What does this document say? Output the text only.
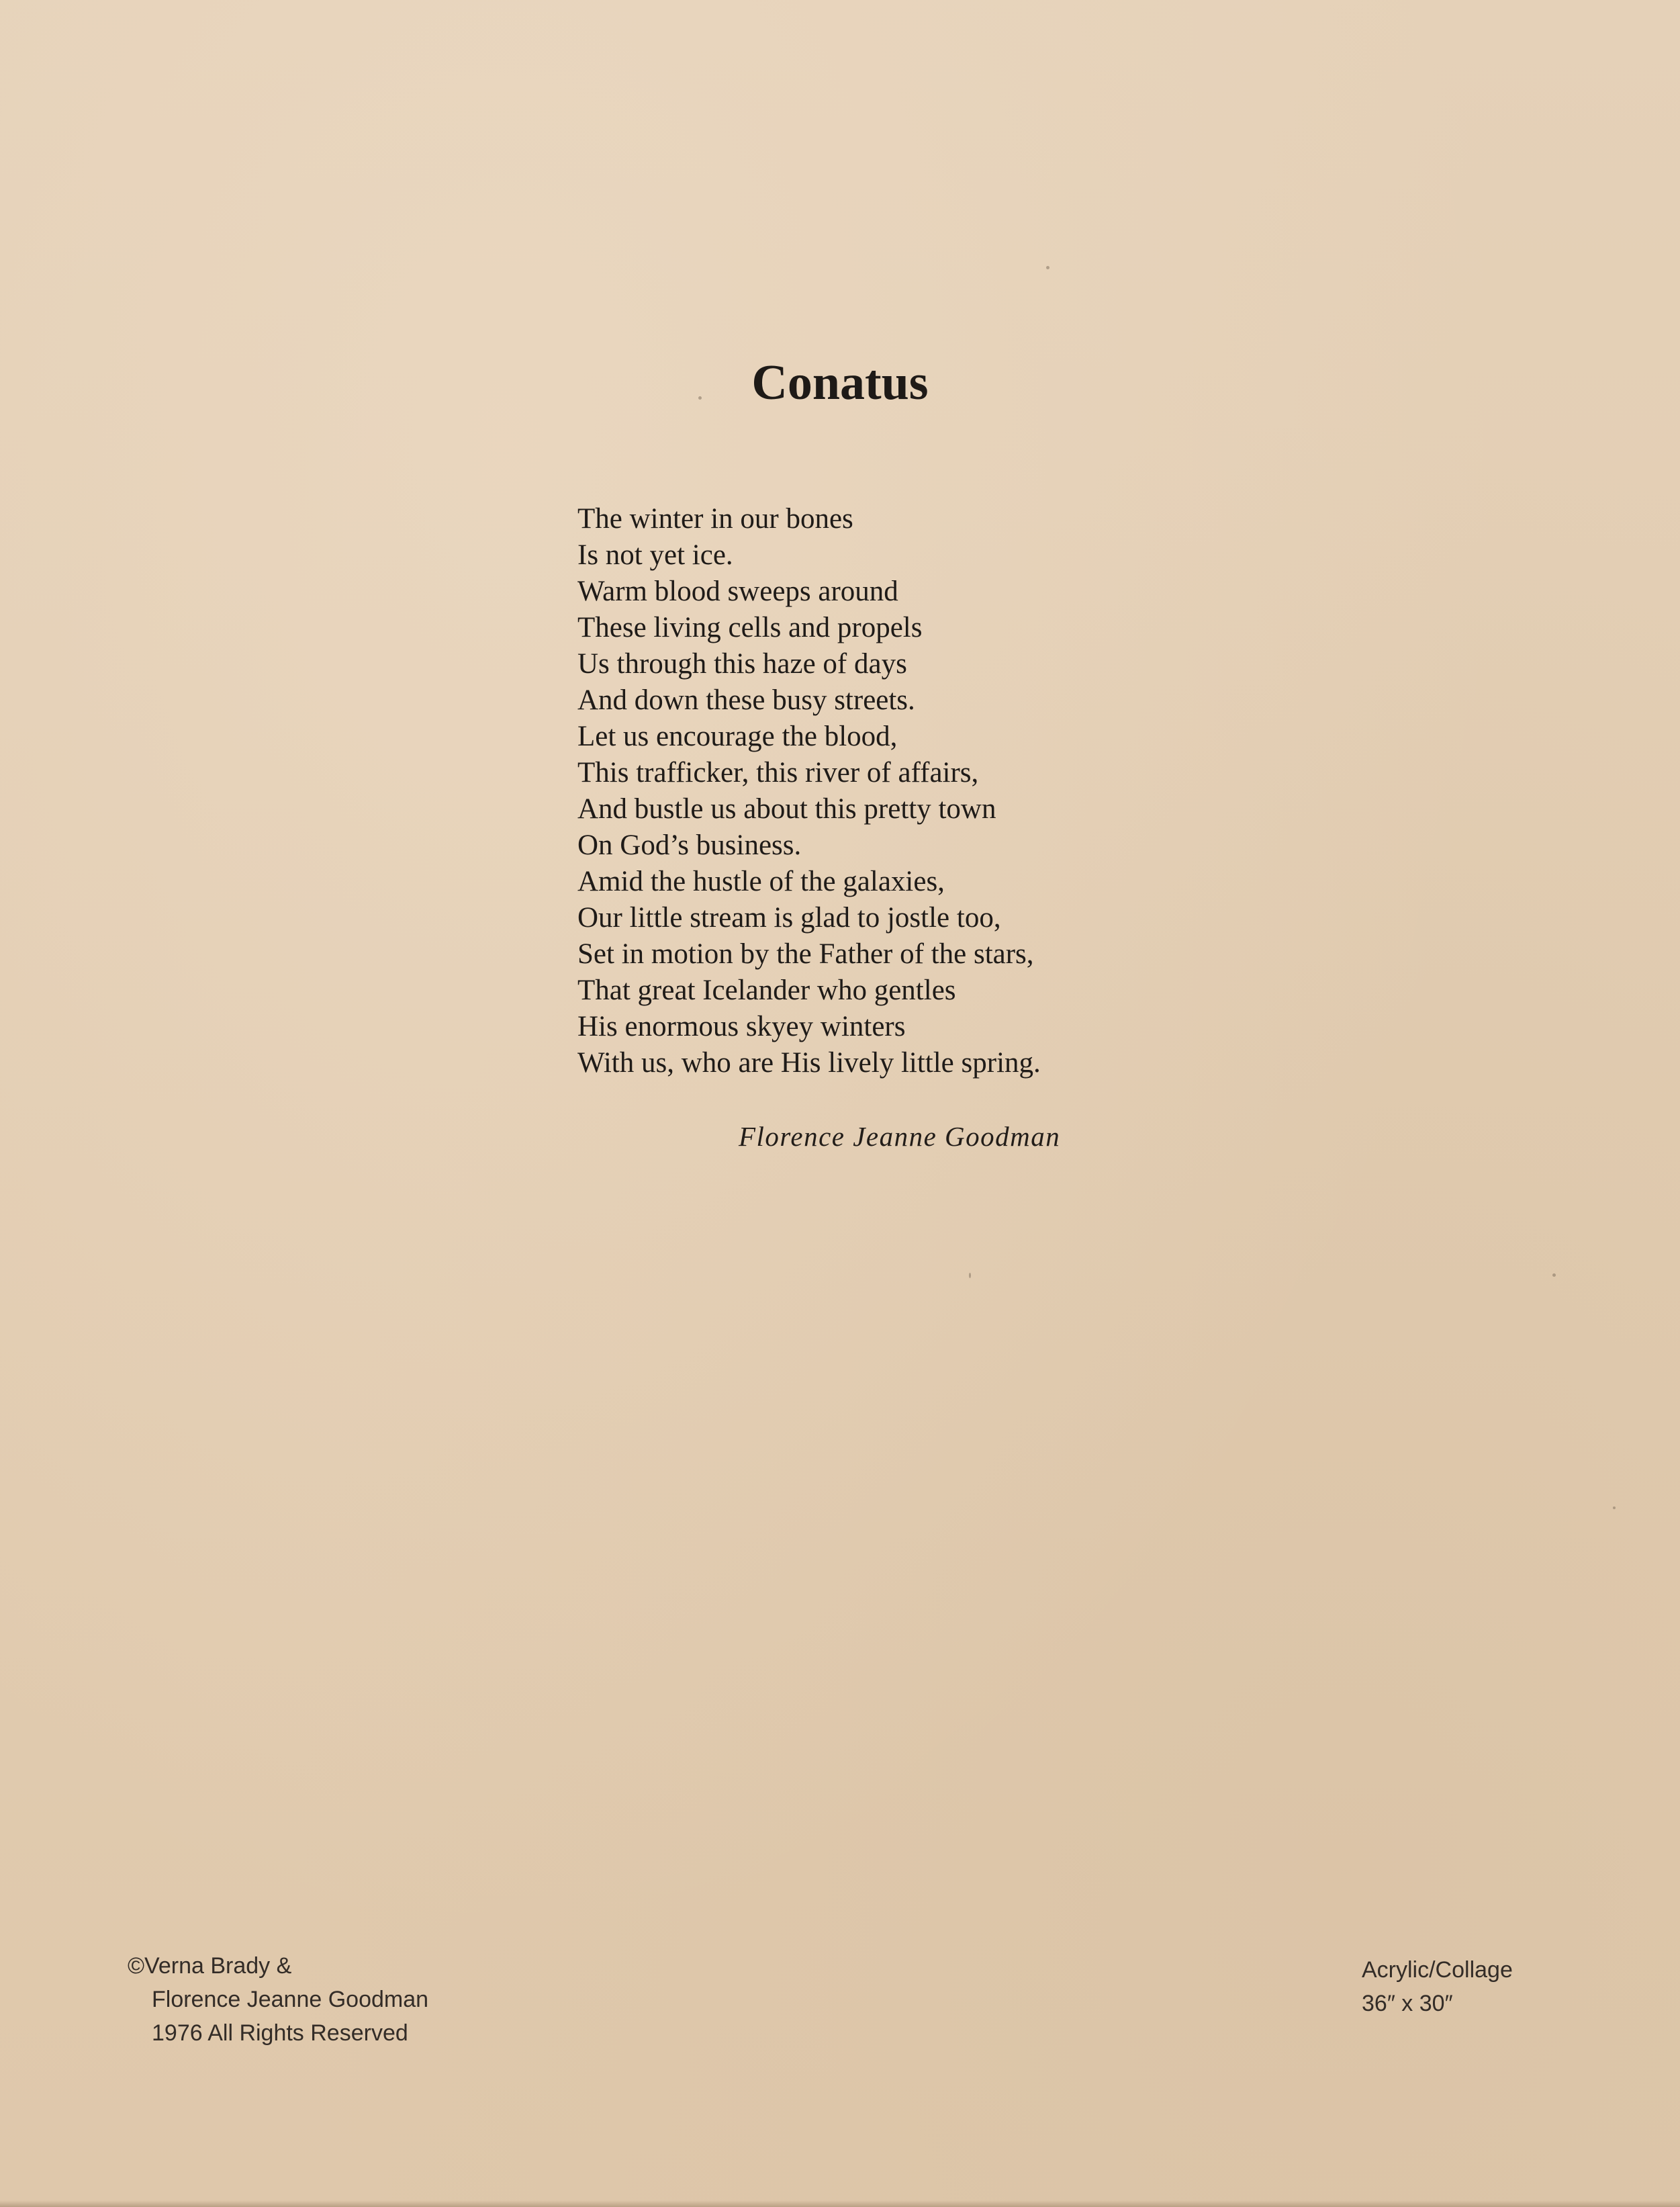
Conatus
The winter in our bones
Is not yet ice.
Warm blood sweeps around
These living cells and propels
Us through this haze of days
And down these busy streets.
Let us encourage the blood,
This trafficker, this river of affairs,
And bustle us about this pretty town
On God’s business.
Amid the hustle of the galaxies,
Our little stream is glad to jostle too,
Set in motion by the Father of the stars,
That great Icelander who gentles
His enormous skyey winters
With us, who are His lively little spring.
Florence Jeanne Goodman
©Verna Brady &
Florence Jeanne Goodman
1976 All Rights Reserved
Acrylic/Collage
36″ x 30″
